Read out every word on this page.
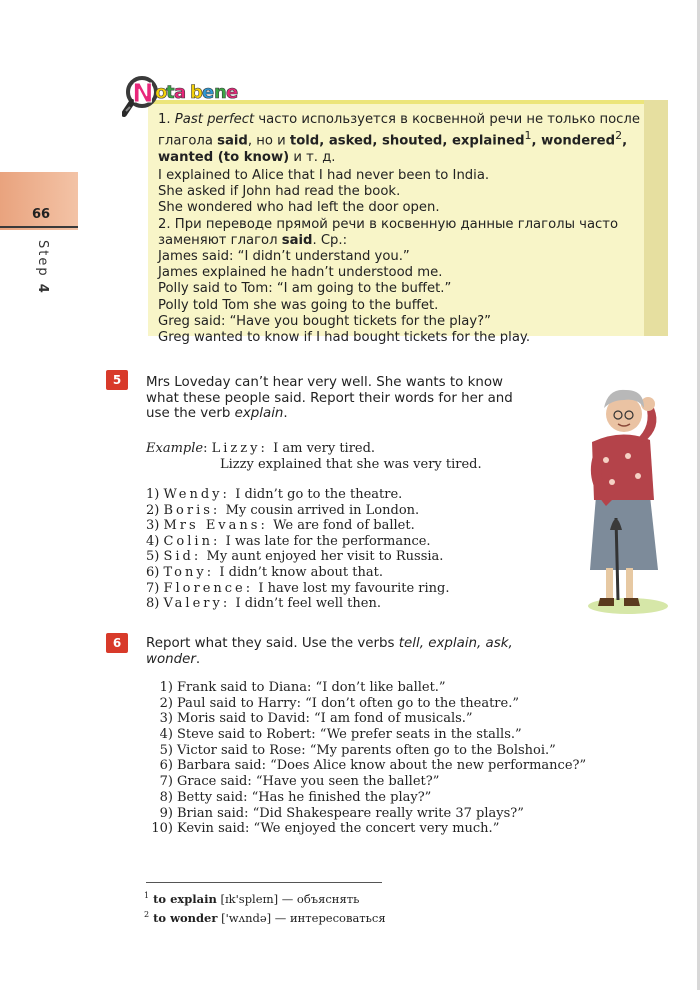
66
Step 4
N o
t a b e n e

1. Past perfect часто используется в косвенной речи не только после глагола said, но и told, asked, shouted, explained$^1$, wondered$^2$, wanted (to know) и т. д.

I explained to Alice that I had never been to India.

She asked if John had read the book.

She wondered who had left the door open.

2. При переводе прямой речи в косвенную данные глаголы часто заменяют глагол said. Ср.:

James said: “I didn’t understand you.”

James explained he hadn’t understood me.

Polly said to Tom: “I am going to the buffet.”

Polly told Tom she was going to the buffet.

Greg said: “Have you bought tickets for the play?”

Greg wanted to know if I had bought tickets for the play.

5	Mrs Loveday can’t hear very well. She wants to know what these people said. Report their words for her and use the verb explain.
Example: Lizzy: I am very tired.
Lizzy explained that she was very tired.
1) Wendy:  I didn’t go to the theatre.
2) Boris:  My cousin arrived in London.
3) Mrs Evans:  We are fond of ballet.
4) Colin:  I was late for the performance.
5) Sid:  My aunt enjoyed her visit to Russia.
6) Tony:  I didn’t know about that.
7) Florence:  I have lost my favourite ring.
8) Valery:  I didn’t feel well then.
6	Report what they said. Use the verbs tell, explain, ask, wonder.
1) Frank said to Diana: “I don’t like ballet.”
2) Paul said to Harry: “I don’t often go to the theatre.”
3) Moris said to David: “I am fond of musicals.”
4) Steve said to Robert: “We prefer seats in the stalls.”
5) Victor said to Rose: “My parents often go to the Bolshoi.”
6) Barbara said: “Does Alice know about the new performance?”
7) Grace said: “Have you seen the ballet?”
8) Betty said: “Has he finished the play?”
9) Brian said: “Did Shakespeare really write 37 plays?”
10) Kevin said: “We enjoyed the concert very much.”
$^1$ to explain [ɪk'spleɪn] — объяснять
$^2$ to wonder ['wʌndə] — интересоваться
